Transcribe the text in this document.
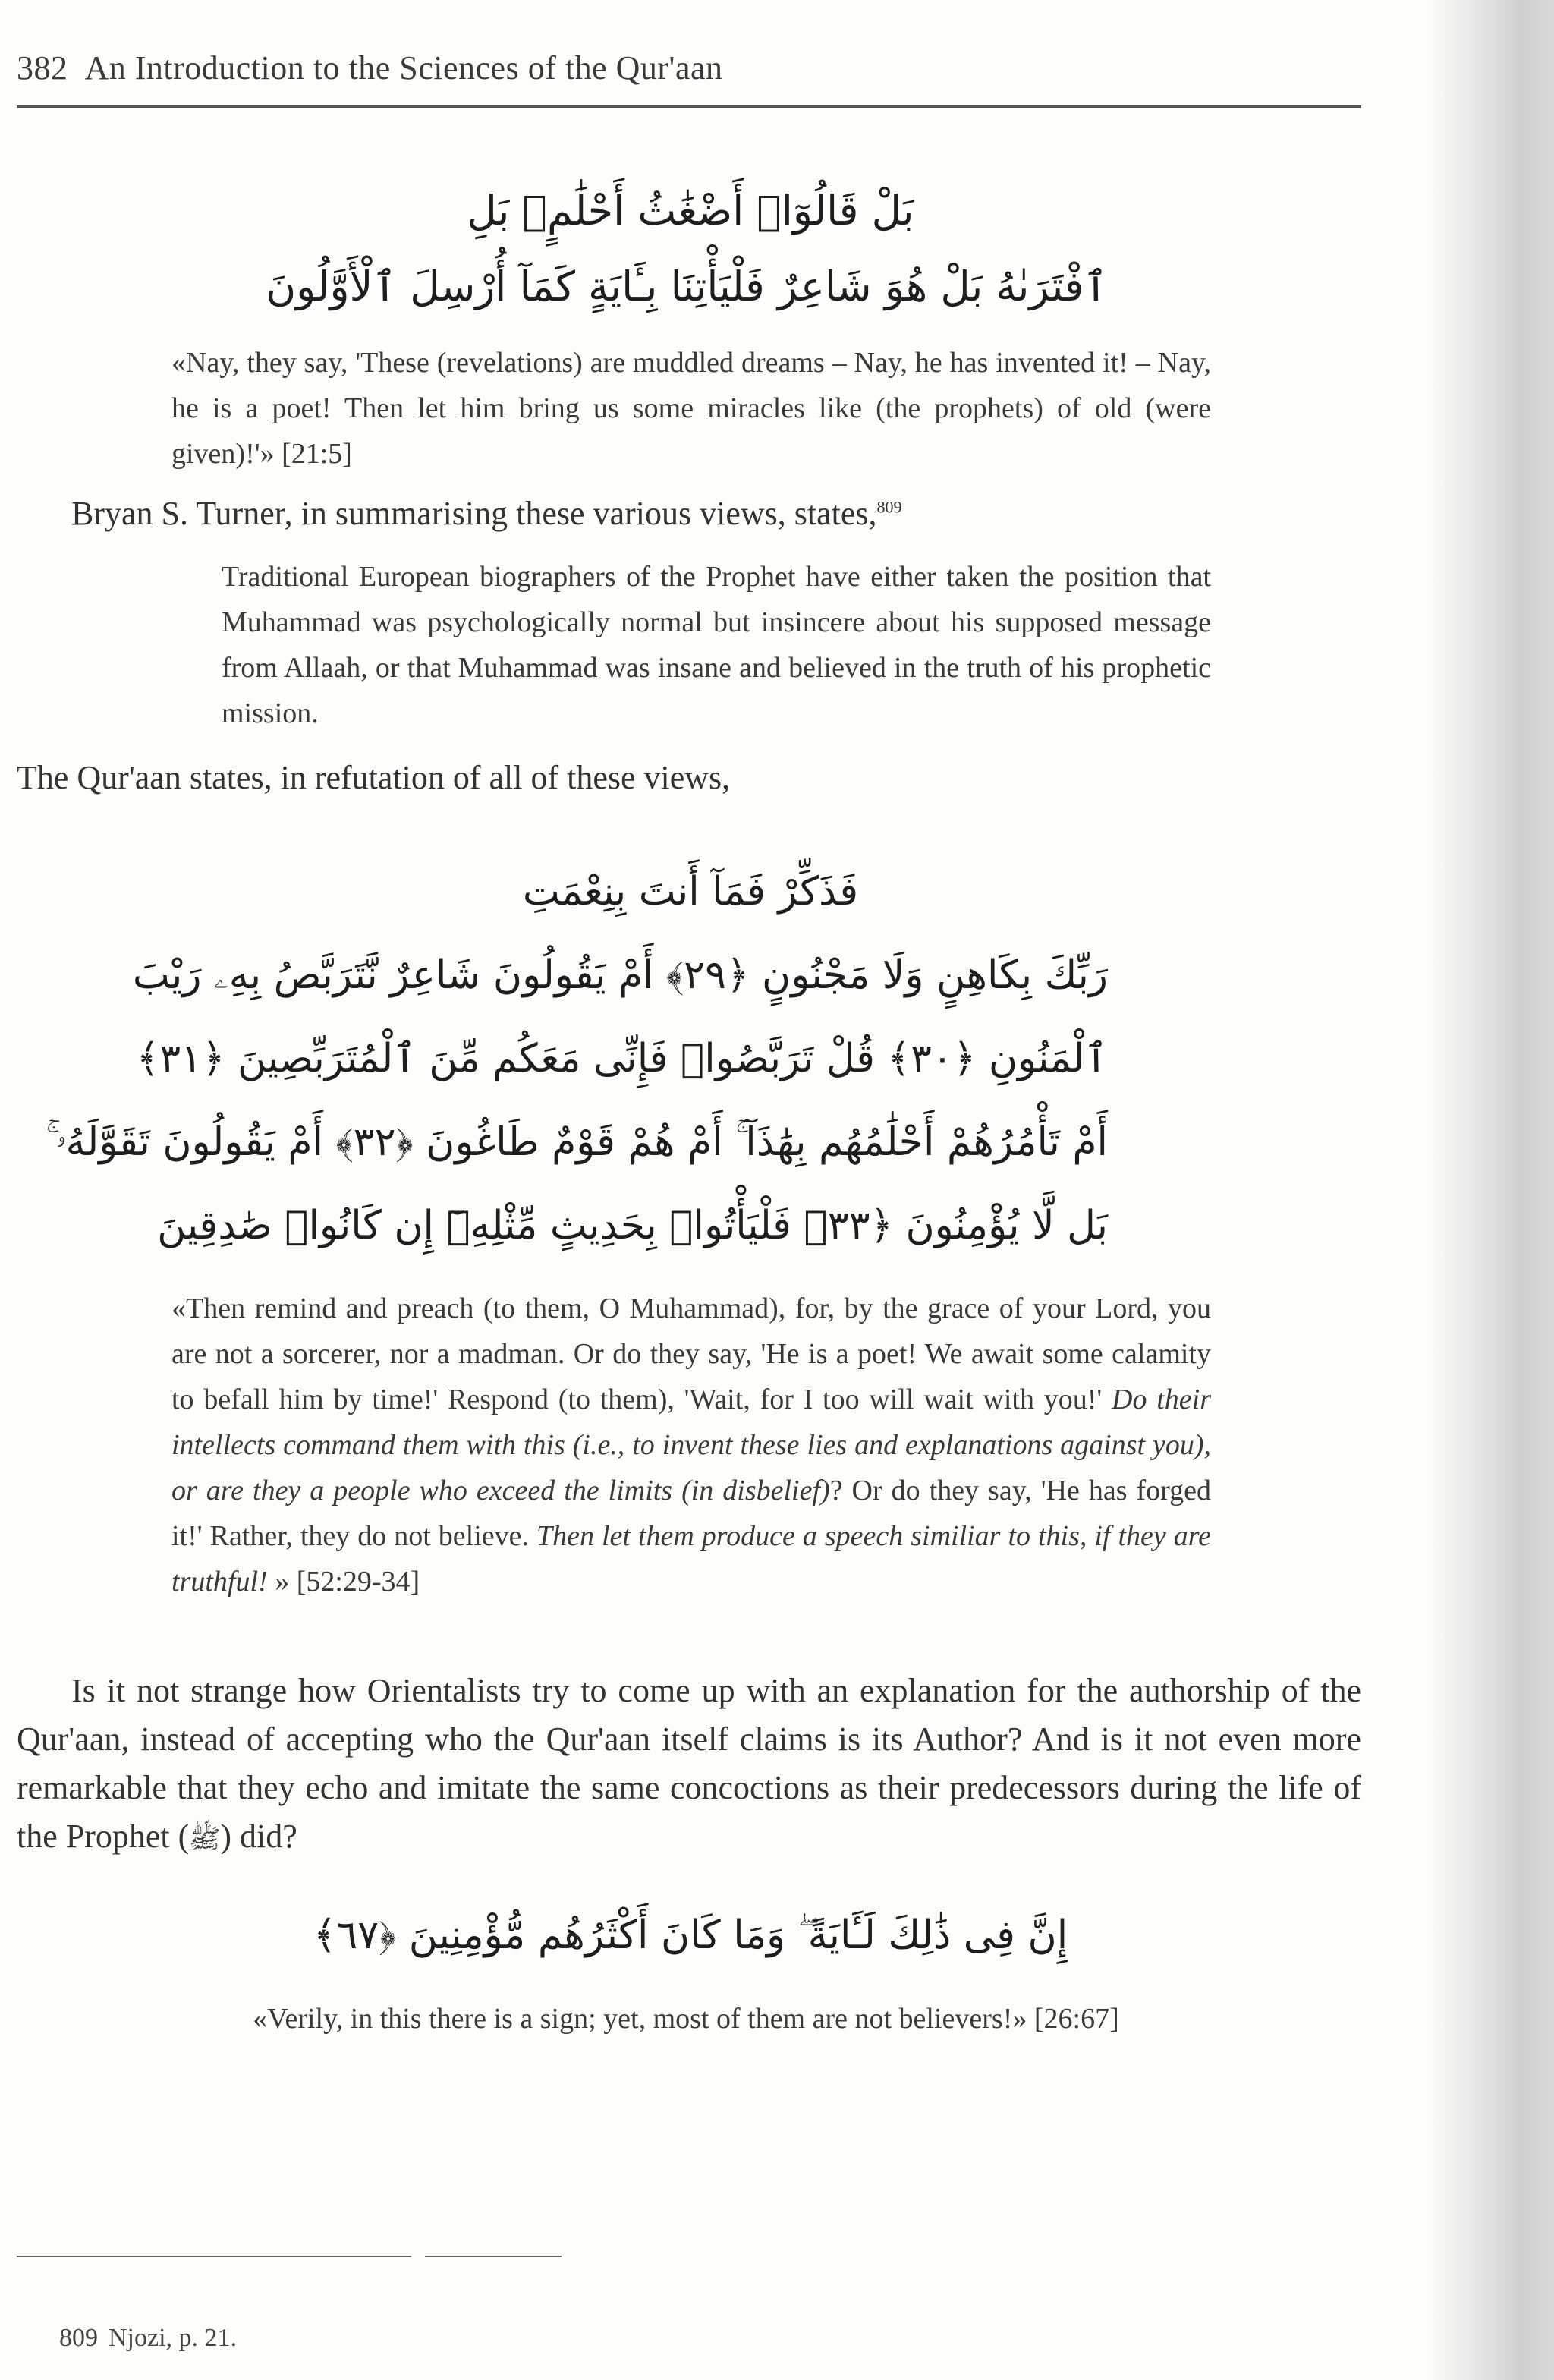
382 An Introduction to the Sciences of the Qur'aan
بَلْ قَالُوٓا۟ أَضْغَٰثُ أَحْلَٰمٍۭ بَلِ
ٱفْتَرَىٰهُ بَلْ هُوَ شَاعِرٌ فَلْيَأْتِنَا بِـَٔايَةٍ كَمَآ أُرْسِلَ ٱلْأَوَّلُونَ
«Nay, they say, 'These (revelations) are muddled dreams – Nay, he has invented it! – Nay, he is a poet! Then let him bring us some miracles like (the prophets) of old (were given)!'» [21:5]
Bryan S. Turner, in summarising these various views, states,$^{809}$
Traditional European biographers of the Prophet have either taken the position that Muhammad was psychologically normal but insincere about his supposed message from Allaah, or that Muhammad was insane and believed in the truth of his prophetic mission.
The Qur'aan states, in refutation of all of these views,
فَذَكِّرْ فَمَآ أَنتَ بِنِعْمَتِ
رَبِّكَ بِكَاهِنٍ وَلَا مَجْنُونٍ ﴿٢٩﴾ أَمْ يَقُولُونَ شَاعِرٌ نَّتَرَبَّصُ بِهِۦ رَيْبَ
ٱلْمَنُونِ ﴿٣٠﴾ قُلْ تَرَبَّصُوا۟ فَإِنِّى مَعَكُم مِّنَ ٱلْمُتَرَبِّصِينَ ﴿٣١﴾
أَمْ تَأْمُرُهُمْ أَحْلَٰمُهُم بِهَٰذَآ ۚ أَمْ هُمْ قَوْمٌ طَاغُونَ ﴿٣٢﴾ أَمْ يَقُولُونَ تَقَوَّلَهُۥ ۚ
بَل لَّا يُؤْمِنُونَ ﴿٣٣﴾ فَلْيَأْتُوا۟ بِحَدِيثٍ مِّثْلِهِۦٓ إِن كَانُوا۟ صَٰدِقِينَ
«Then remind and preach (to them, O Muhammad), for, by the grace of your Lord, you are not a sorcerer, nor a madman. Or do they say, 'He is a poet! We await some calamity to befall him by time!' Respond (to them), 'Wait, for I too will wait with you!' Do their intellects command them with this (i.e., to invent these lies and explanations against you), or are they a people who exceed the limits (in disbelief)? Or do they say, 'He has forged it!' Rather, they do not believe. Then let them produce a speech similiar to this, if they are truthful! » [52:29-34]
Is it not strange how Orientalists try to come up with an explanation for the authorship of the Qur'aan, instead of accepting who the Qur'aan itself claims is its Author? And is it not even more remarkable that they echo and imitate the same concoctions as their predecessors during the life of the Prophet (ﷺ) did?
إِنَّ فِى ذَٰلِكَ لَـَٔايَةً ۖ وَمَا كَانَ أَكْثَرُهُم مُّؤْمِنِينَ ﴿٦٧﴾
«Verily, in this there is a sign; yet, most of them are not believers!» [26:67]
809 Njozi, p. 21.
